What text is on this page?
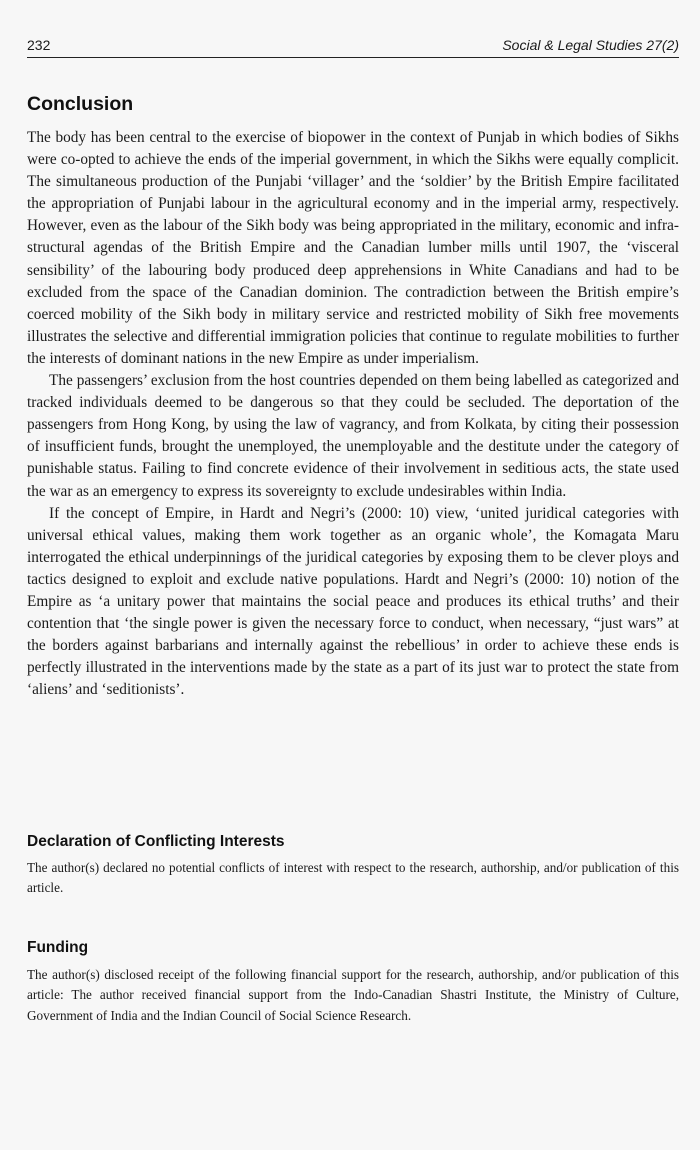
232	Social & Legal Studies 27(2)
Conclusion

The body has been central to the exercise of biopower in the context of Punjab in which bodies of Sikhs were co-opted to achieve the ends of the imperial government, in which the Sikhs were equally complicit. The simultaneous production of the Punjabi ‘villager’ and the ‘soldier’ by the British Empire facilitated the appropriation of Punjabi labour in the agricultural economy and in the imperial army, respectively. However, even as the labour of the Sikh body was being appropriated in the military, economic and infrastructural agendas of the British Empire and the Canadian lumber mills until 1907, the ‘visceral sensibility’ of the labouring body produced deep apprehensions in White Canadians and had to be excluded from the space of the Canadian dominion. The contradiction between the British empire’s coerced mobility of the Sikh body in military service and restricted mobility of Sikh free movements illustrates the selective and differential immigration policies that continue to regulate mobilities to further the interests of dominant nations in the new Empire as under imperialism.

The passengers’ exclusion from the host countries depended on them being labelled as categorized and tracked individuals deemed to be dangerous so that they could be secluded. The deportation of the passengers from Hong Kong, by using the law of vagrancy, and from Kolkata, by citing their possession of insufficient funds, brought the unemployed, the unemployable and the destitute under the category of punishable status. Failing to find concrete evidence of their involvement in seditious acts, the state used the war as an emergency to express its sovereignty to exclude undesirables within India.

If the concept of Empire, in Hardt and Negri’s (2000: 10) view, ‘united juridical categories with universal ethical values, making them work together as an organic whole’, the Komagata Maru interrogated the ethical underpinnings of the juridical categories by exposing them to be clever ploys and tactics designed to exploit and exclude native populations. Hardt and Negri’s (2000: 10) notion of the Empire as ‘a unitary power that maintains the social peace and produces its ethical truths’ and their contention that ‘the single power is given the necessary force to conduct, when necessary, “just wars” at the borders against barbarians and internally against the rebellious’ in order to achieve these ends is perfectly illustrated in the interventions made by the state as a part of its just war to protect the state from ‘aliens’ and ‘seditionists’.

Declaration of Conflicting Interests

The author(s) declared no potential conflicts of interest with respect to the research, authorship, and/or publication of this article.

Funding

The author(s) disclosed receipt of the following financial support for the research, authorship, and/​or publication of this article: The author received financial support from the Indo-Canadian Shastri Institute, the Ministry of Culture, Government of India and the Indian Council of Social Science Research.
